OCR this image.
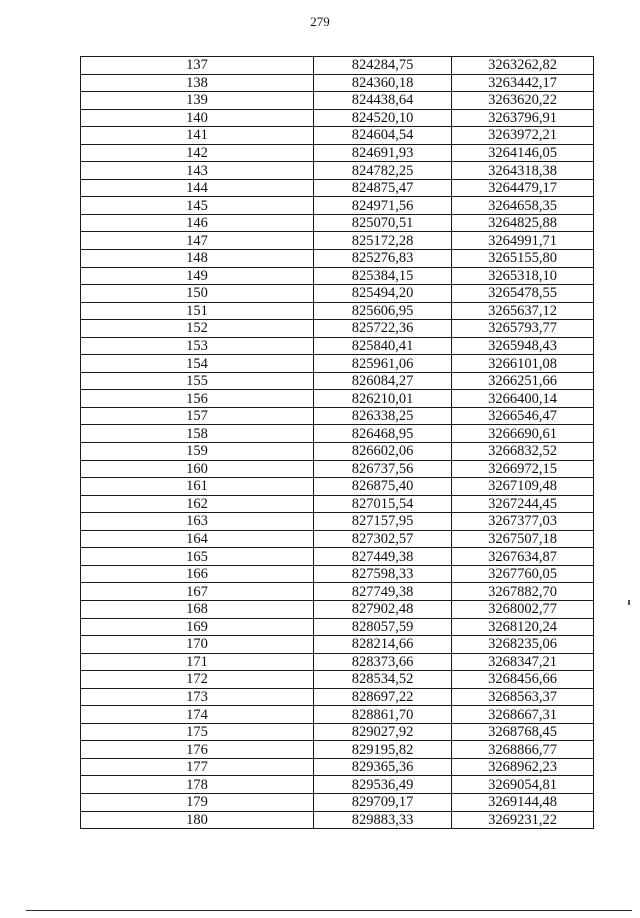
279
137	824284,75	3263262,82
138	824360,18	3263442,17
139	824438,64	3263620,22
140	824520,10	3263796,91
141	824604,54	3263972,21
142	824691,93	3264146,05
143	824782,25	3264318,38
144	824875,47	3264479,17
145	824971,56	3264658,35
146	825070,51	3264825,88
147	825172,28	3264991,71
148	825276,83	3265155,80
149	825384,15	3265318,10
150	825494,20	3265478,55
151	825606,95	3265637,12
152	825722,36	3265793,77
153	825840,41	3265948,43
154	825961,06	3266101,08
155	826084,27	3266251,66
156	826210,01	3266400,14
157	826338,25	3266546,47
158	826468,95	3266690,61
159	826602,06	3266832,52
160	826737,56	3266972,15
161	826875,40	3267109,48
162	827015,54	3267244,45
163	827157,95	3267377,03
164	827302,57	3267507,18
165	827449,38	3267634,87
166	827598,33	3267760,05
167	827749,38	3267882,70
168	827902,48	3268002,77
169	828057,59	3268120,24
170	828214,66	3268235,06
171	828373,66	3268347,21
172	828534,52	3268456,66
173	828697,22	3268563,37
174	828861,70	3268667,31
175	829027,92	3268768,45
176	829195,82	3268866,77
177	829365,36	3268962,23
178	829536,49	3269054,81
179	829709,17	3269144,48
180	829883,33	3269231,22
